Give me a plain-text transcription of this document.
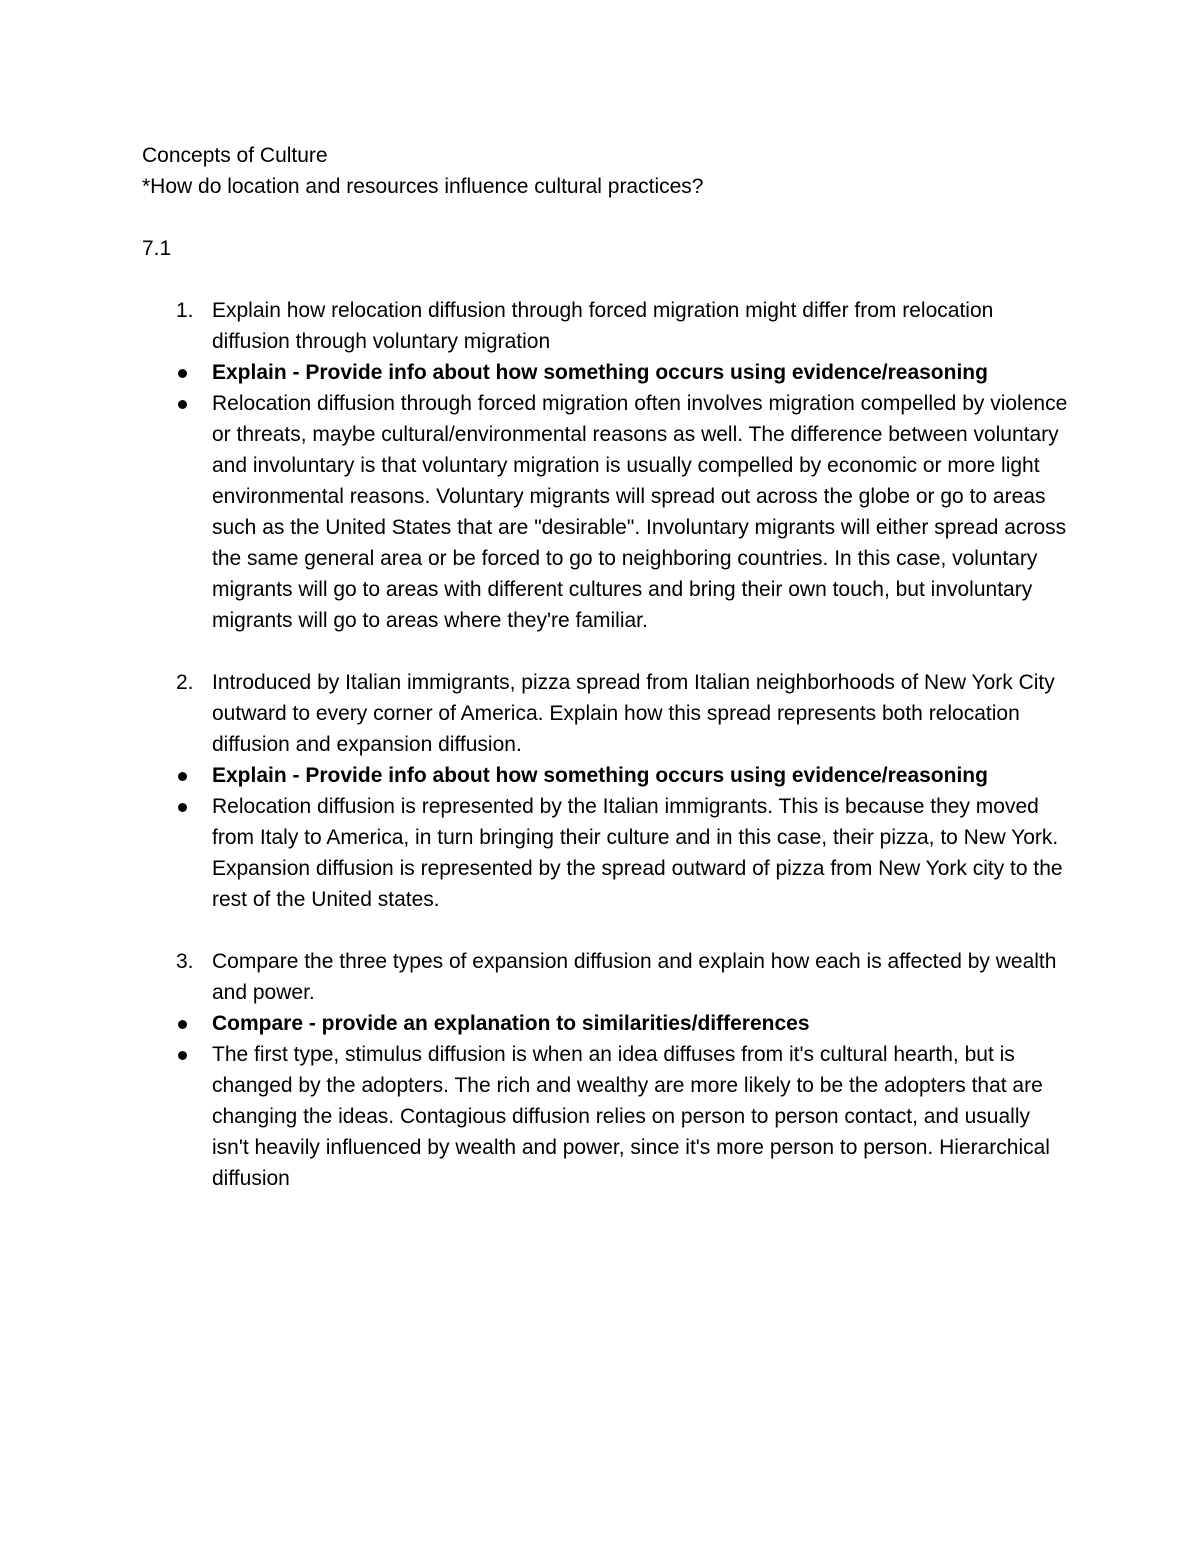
Concepts of Culture

*How do location and resources influence cultural practices?

7.1

1. Explain how relocation diffusion through forced migration might differ from relocation diffusion through voluntary migration

Explain - Provide info about how something occurs using evidence/reasoning
Relocation diffusion through forced migration often involves migration compelled by violence or threats, maybe cultural/environmental reasons as well. The difference between voluntary and involuntary is that voluntary migration is usually compelled by economic or more light environmental reasons. Voluntary migrants will spread out across the globe or go to areas such as the United States that are "desirable". Involuntary migrants will either spread across the same general area or be forced to go to neighboring countries. In this case, voluntary migrants will go to areas with different cultures and bring their own touch, but involuntary migrants will go to areas where they're familiar.
2. Introduced by Italian immigrants, pizza spread from Italian neighborhoods of New York City outward to every corner of America. Explain how this spread represents both relocation diffusion and expansion diffusion.

Explain - Provide info about how something occurs using evidence/reasoning
Relocation diffusion is represented by the Italian immigrants. This is because they moved from Italy to America, in turn bringing their culture and in this case, their pizza, to New York. Expansion diffusion is represented by the spread outward of pizza from New York city to the rest of the United states.
3. Compare the three types of expansion diffusion and explain how each is affected by wealth and power.

Compare - provide an explanation to similarities/differences
The first type, stimulus diffusion is when an idea diffuses from it's cultural hearth, but is changed by the adopters. The rich and wealthy are more likely to be the adopters that are changing the ideas. Contagious diffusion relies on person to person contact, and usually isn't heavily influenced by wealth and power, since it's more person to person. Hierarchical diffusion
